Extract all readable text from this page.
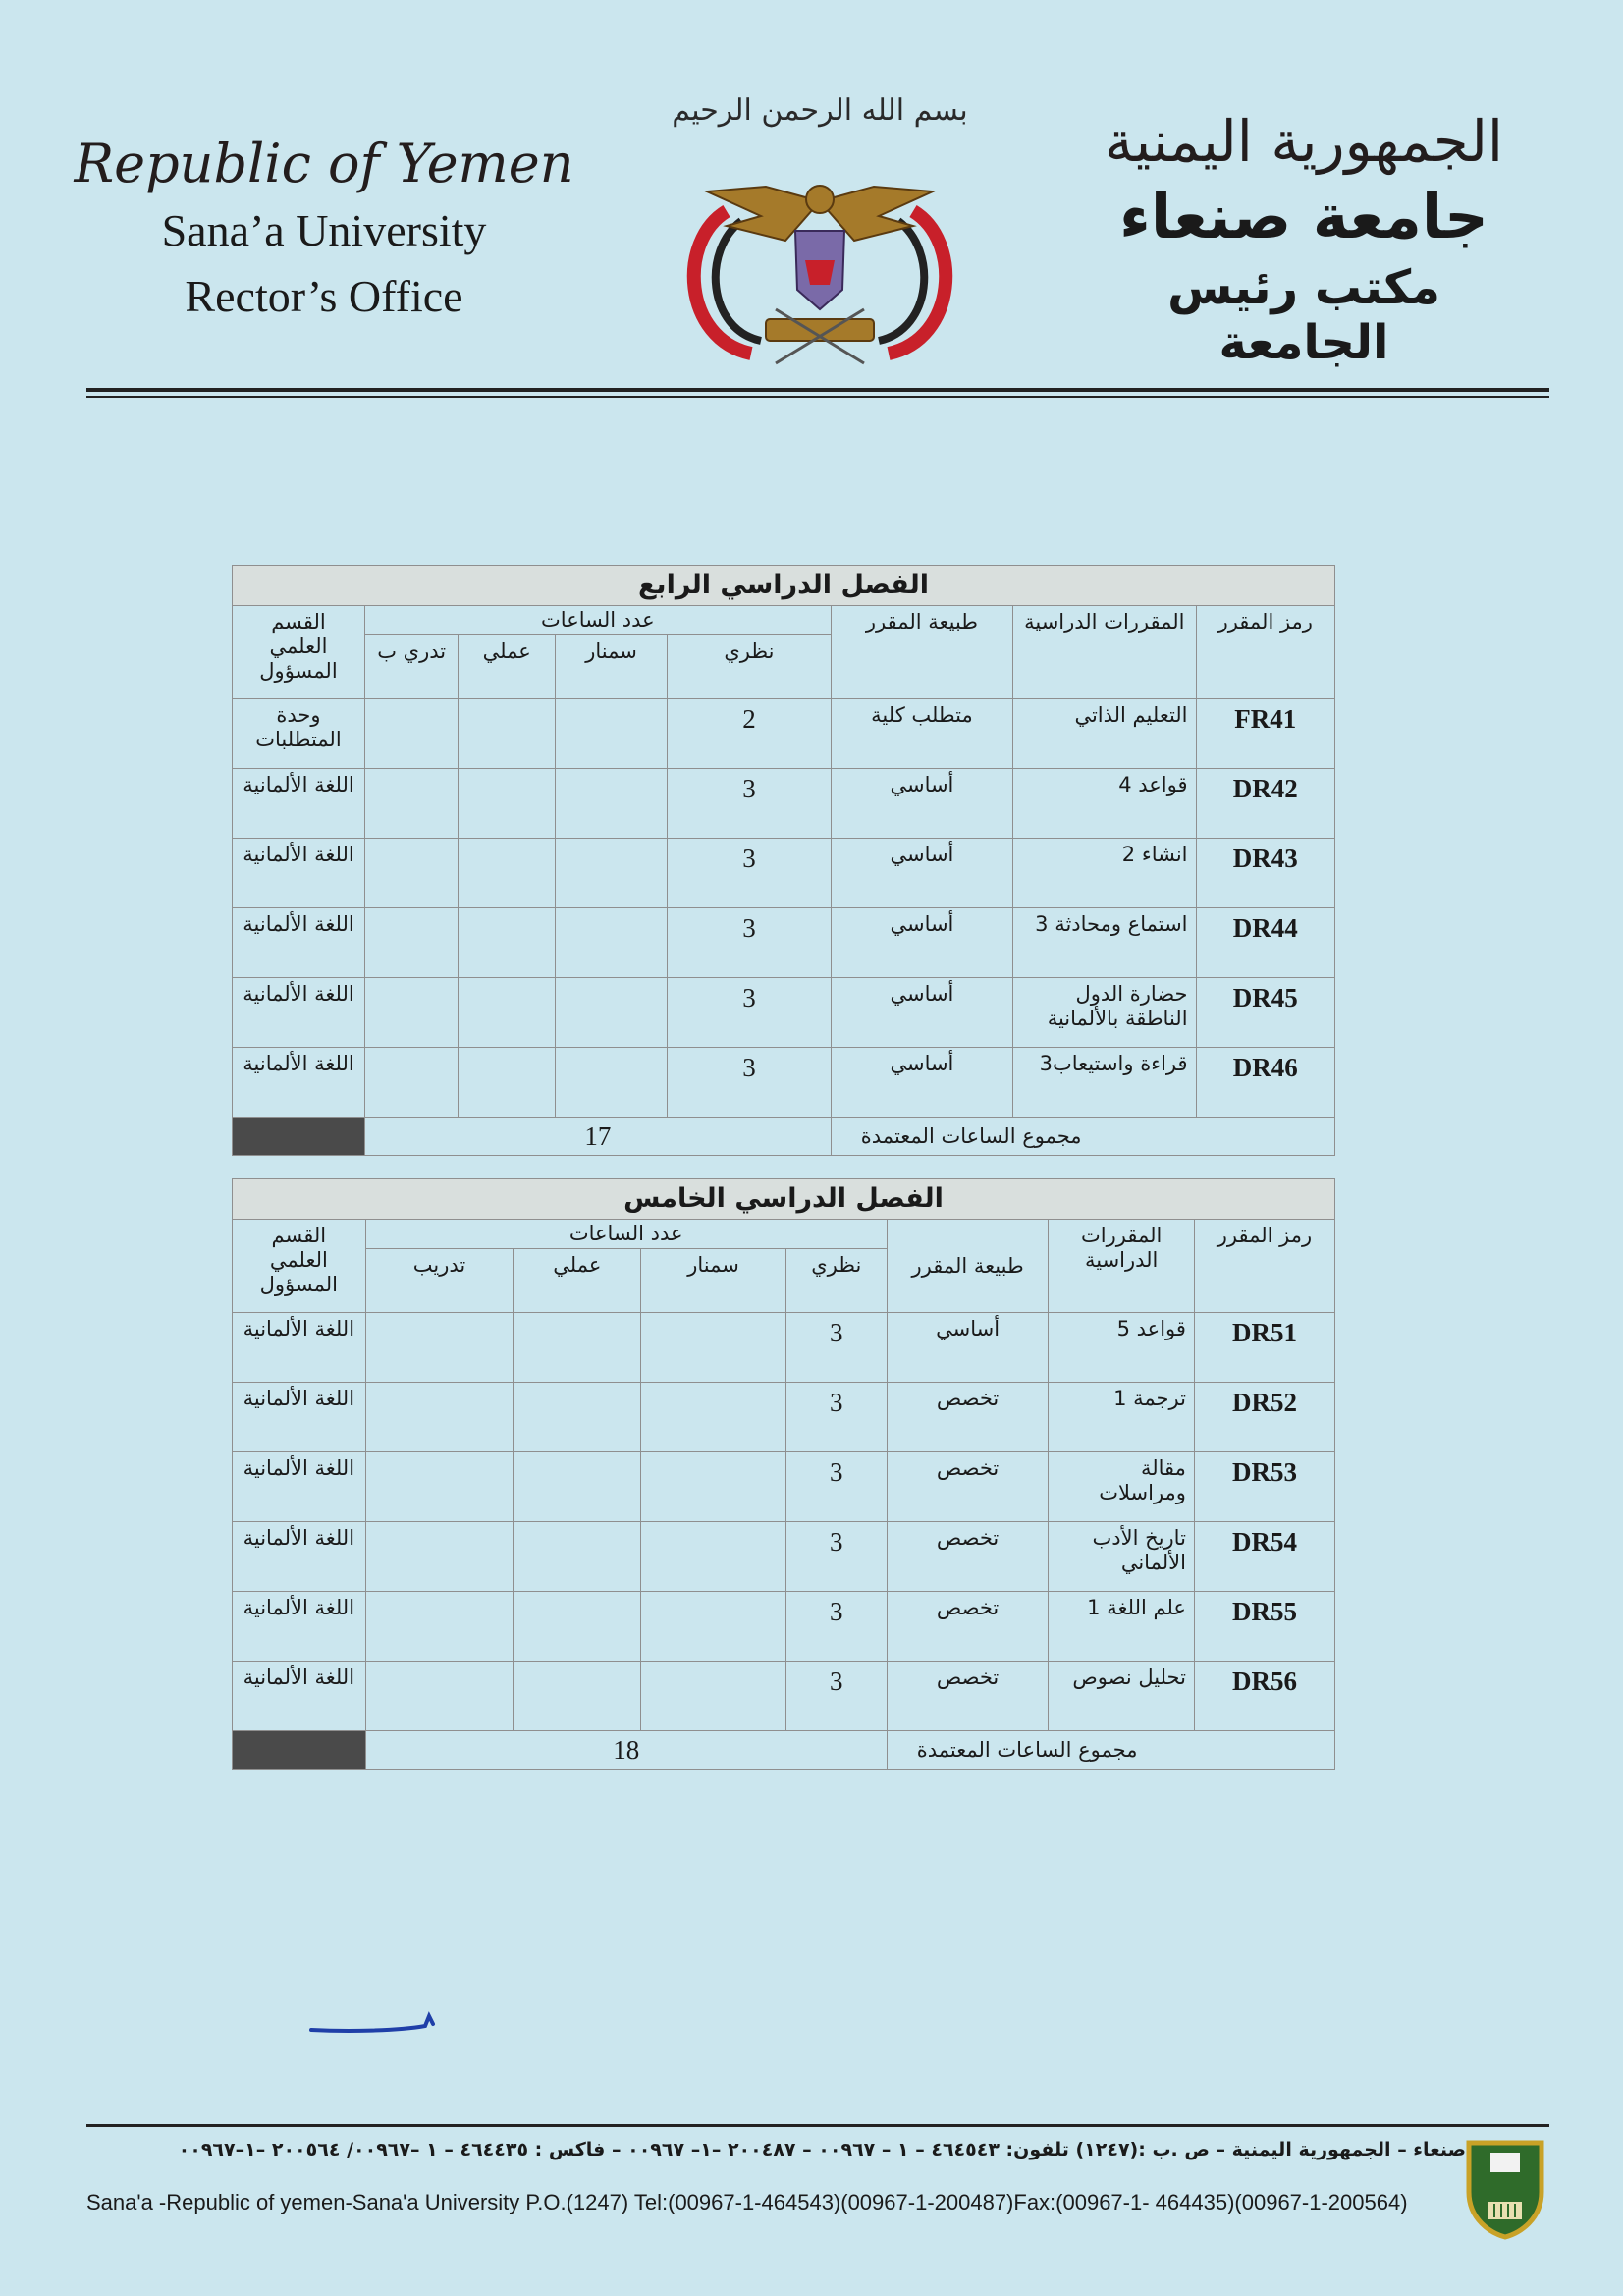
Republic of Yemen
Sana’a University
Rector’s Office
بسم الله الرحمن الرحيم	الجمهورية اليمنية
جامعة صنعاء
مكتب رئيس الجامعة
الفصل الدراسي الرابع							
رمز المقرر	المقررات الدراسية	طبيعة المقرر	عدد الساعات				القسم العلمي المسؤول
			نظري	سمنار	عملي	تدري ب	
FR41	التعليم الذاتي	متطلب كلية	2				وحدة المتطلبات
DR42	قواعد 4	أساسي	3				اللغة الألمانية
DR43	انشاء 2	أساسي	3				اللغة الألمانية
DR44	استماع ومحادثة 3	أساسي	3				اللغة الألمانية
DR45	حضارة الدول الناطقة بالألمانية	أساسي	3				اللغة الألمانية
DR46	قراءة واستيعاب3	أساسي	3				اللغة الألمانية
مجموع الساعات المعتمدة			17				
الفصل الدراسي الخامس							
رمز المقرر	المقررات الدراسية	طبيعة المقرر	عدد الساعات				القسم العلمي المسؤول
			نظري	سمنار	عملي	تدريب	
DR51	قواعد 5	أساسي	3				اللغة الألمانية
DR52	ترجمة 1	تخصص	3				اللغة الألمانية
DR53	مقالة ومراسلات	تخصص	3				اللغة الألمانية
DR54	تاريخ الأدب الألماني	تخصص	3				اللغة الألمانية
DR55	علم اللغة 1	تخصص	3				اللغة الألمانية
DR56	تحليل نصوص	تخصص	3				اللغة الألمانية
مجموع الساعات المعتمدة			18				
صنعاء – الجمهورية اليمنية – ص .ب :(١٢٤٧) تلفون: ٤٦٤٥٤٣ – ١ – ٠٠٩٦٧ – ٢٠٠٤٨٧ –١– ٠٠٩٦٧ – فاكس : ٤٦٤٤٣٥ – ١ –٠٠٩٦٧/ ٢٠٠٥٦٤ –١–٠٠٩٦٧
Sana'a -Republic of yemen-Sana'a University P.O.(1247) Tel:(00967-1-464543)(00967-1-200487)Fax:(00967-1- 464435)(00967-1-200564)
